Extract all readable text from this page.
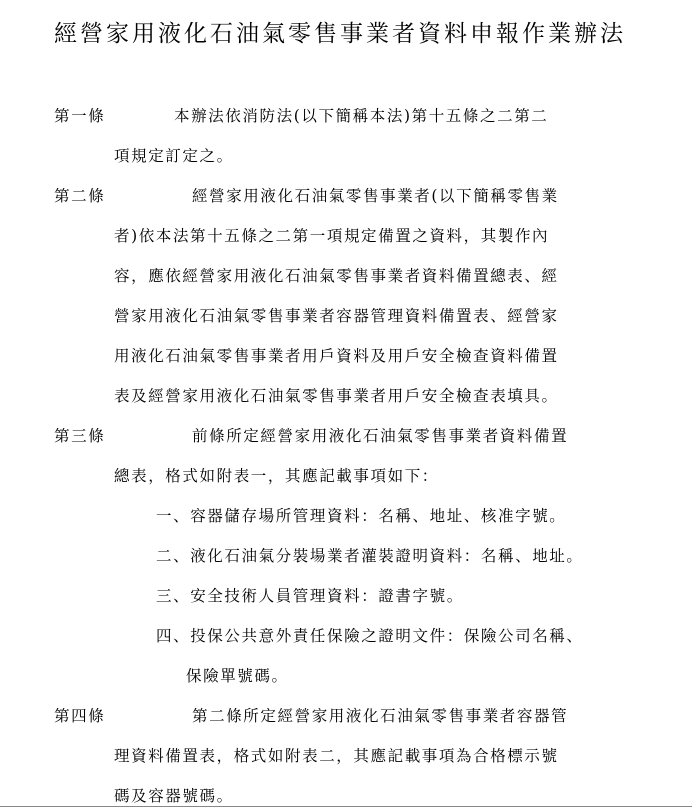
經營家用液化石油氣零售事業者資料申報作業辦法
第一條	本辦法依消防法(以下簡稱本法)第十五條之二第二
項規定訂定之。
第二條	經營家用液化石油氣零售事業者(以下簡稱零售業
者)依本法第十五條之二第一項規定備置之資料，其製作內
容，應依經營家用液化石油氣零售事業者資料備置總表、經
營家用液化石油氣零售事業者容器管理資料備置表、經營家
用液化石油氣零售事業者用戶資料及用戶安全檢查資料備置
表及經營家用液化石油氣零售事業者用戶安全檢查表填具。
第三條	前條所定經營家用液化石油氣零售事業者資料備置
總表，格式如附表一，其應記載事項如下：
一、容器儲存場所管理資料：名稱、地址、核准字號。
二、液化石油氣分裝場業者灌裝證明資料：名稱、地址。
三、安全技術人員管理資料：證書字號。
四、投保公共意外責任保險之證明文件：保險公司名稱、
保險單號碼。
第四條	第二條所定經營家用液化石油氣零售事業者容器管
理資料備置表，格式如附表二，其應記載事項為合格標示號
碼及容器號碼。
